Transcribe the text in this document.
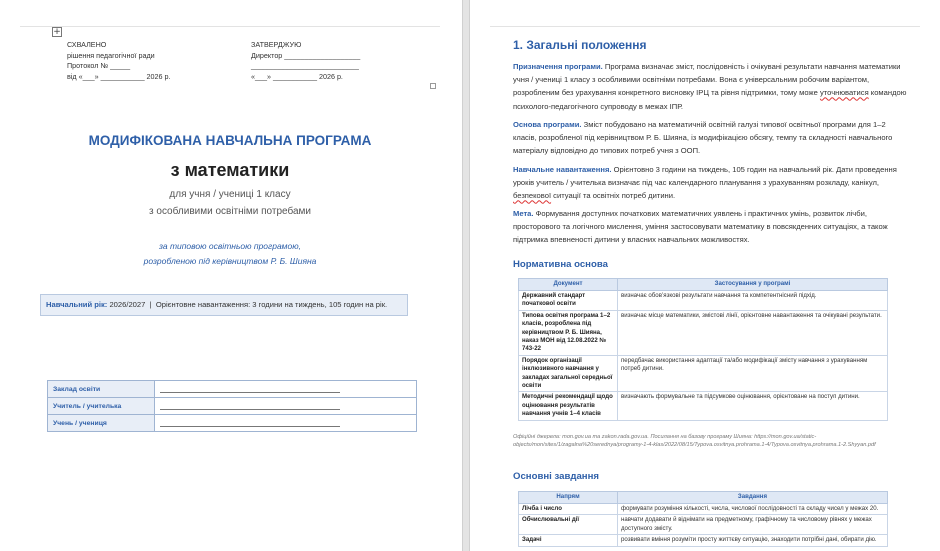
+
СХВАЛЕНО
рішення педагогічної ради
Протокол № _____
від «___» ___________ 2026 р.
ЗАТВЕРДЖУЮ
Директор ___________________
___________________________
«___» ___________ 2026 р.
МОДИФІКОВАНА НАВЧАЛЬНА ПРОГРАМА
з математики
для учня / учениці 1 класу
з особливими освітніми потребами
за типовою освітньою програмою,
розробленою під керівництвом Р. Б. Шияна
Навчальний рік: 2026/2027 | Орієнтовне навантаження: 3 години на тиждень, 105 годин на рік.
Заклад освіти	

Учитель / учителька	

Учень / учениця	
1. Загальні положення
Призначення програми. Програма визначає зміст, послідовність і очікувані результати навчання математики учня / учениці 1 класу з особливими освітніми потребами. Вона є універсальним робочим варіантом, розробленим без урахування конкретного висновку ІРЦ та рівня підтримки, тому може уточнюватися командою психолого-педагогічного супроводу в межах ІПР.
Основа програми. Зміст побудовано на математичній освітній галузі типової освітньої програми для 1–2 класів, розробленої під керівництвом Р. Б. Шияна, із модифікацією обсягу, темпу та складності навчального матеріалу відповідно до типових потреб учня з ООП.
Навчальне навантаження. Орієнтовно 3 години на тиждень, 105 годин на навчальний рік. Дати проведення уроків учитель / учителька визначає під час календарного планування з урахуванням розкладу, канікул, безпекової ситуації та освітніх потреб дитини.
Мета. Формування доступних початкових математичних уявлень і практичних умінь, розвиток лічби, просторового та логічного мислення, уміння застосовувати математику в повсякденних ситуаціях, а також підтримка впевненості дитини у власних навчальних можливостях.
Нормативна основа
Документ	Застосування у програмі
Державний стандарт початкової освіти	визначає обов’язкові результати навчання та компетентнісний підхід.
Типова освітня програма 1–2 класів, розроблена під керівництвом Р. Б. Шияна, наказ МОН від 12.08.2022 № 743-22	визначає місце математики, змістові лінії, орієнтовне навантаження та очікувані результати.
Порядок організації інклюзивного навчання у закладах загальної середньої освіти	передбачає використання адаптації та/або модифікації змісту навчання з урахуванням потреб дитини.
Методичні рекомендації щодо оцінювання результатів навчання учнів 1–4 класів	визначають формувальне та підсумкове оцінювання, орієнтоване на поступ дитини.
Офіційні джерела: mon.gov.ua та zakon.rada.gov.ua. Посилання на базову програму Шияна: https://mon.gov.ua/static-objects/mon/sites/1/zagalna%20serednya/programy-1-4-klas/2022/08/15/Typova.osvitnya.prohrama.1-4/Typova.osvitnya.prohrama.1-2.Shyyan.pdf
Основні завдання
Напрям	Завдання
Лічба і число	формувати розуміння кількості, числа, числової послідовності та складу чисел у межах 20.
Обчислювальні дії	навчати додавати й віднімати на предметному, графічному та числовому рівнях у межах доступного змісту.
Задачі	розвивати вміння розуміти просту життєву ситуацію, знаходити потрібні дані, обирати дію.
